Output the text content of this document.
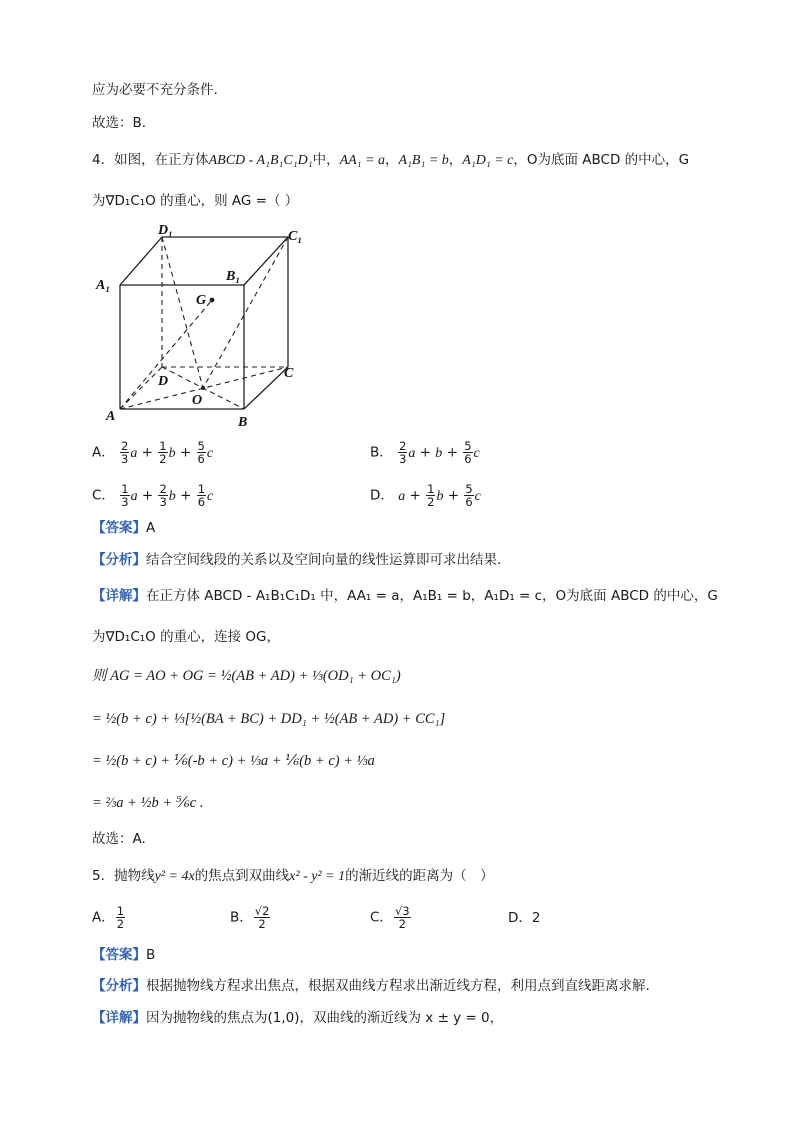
应为必要不充分条件.
故选：B.
4．如图，在正方体ABCD - A₁B₁C₁D₁中，AA₁ = a，A₁B₁ = b，A₁D₁ = c，O为底面 ABCD 的中心，G
为∇D₁C₁O 的重心，则 AG =（ ）
D₁	C₁
A₁
B₁
G
D
C
O
A	B
A． $\frac{2}{3}$ $a + \frac{1}{2}$ $b + \frac{5}{6}$ c	B． $\frac{2}{3}$ $a + b + \frac{5}{6}$ c
C． $\frac{1}{3}$ $a + \frac{2}{3}$ $b + \frac{1}{6}$ c	D． $a + \frac{1}{2}$ $b + \frac{5}{6}$ c
【答案】A
【分析】结合空间线段的关系以及空间向量的线性运算即可求出结果.
【详解】在正方体 ABCD - A₁B₁C₁D₁ 中，AA₁ = a，A₁B₁ = b，A₁D₁ = c，O为底面 ABCD 的中心，G
为∇D₁C₁O 的重心，连接 OG，
则 AG = AO + OG = ½(AB + AD) + ⅓(OD₁ + OC₁)
= ½(b + c) + ⅓[½(BA + BC) + DD₁ + ½(AB + AD) + CC₁]
= ½(b + c) + ⅙(-b + c) + ⅓a + ⅙(b + c) + ⅓a
= ⅔a + ½b + ⅚c .
故选：A.
5．抛物线y² = 4x的焦点到双曲线x² - y² = 1的渐近线的距离为（　）
A． $\frac{1}{2}$	B． $\frac{√2}{2}$	C． $\frac{√3}{2}$	D．2
【答案】B
【分析】根据抛物线方程求出焦点，根据双曲线方程求出渐近线方程，利用点到直线距离求解.
【详解】因为抛物线的焦点为(1,0)，双曲线的渐近线为 x ± y = 0，
